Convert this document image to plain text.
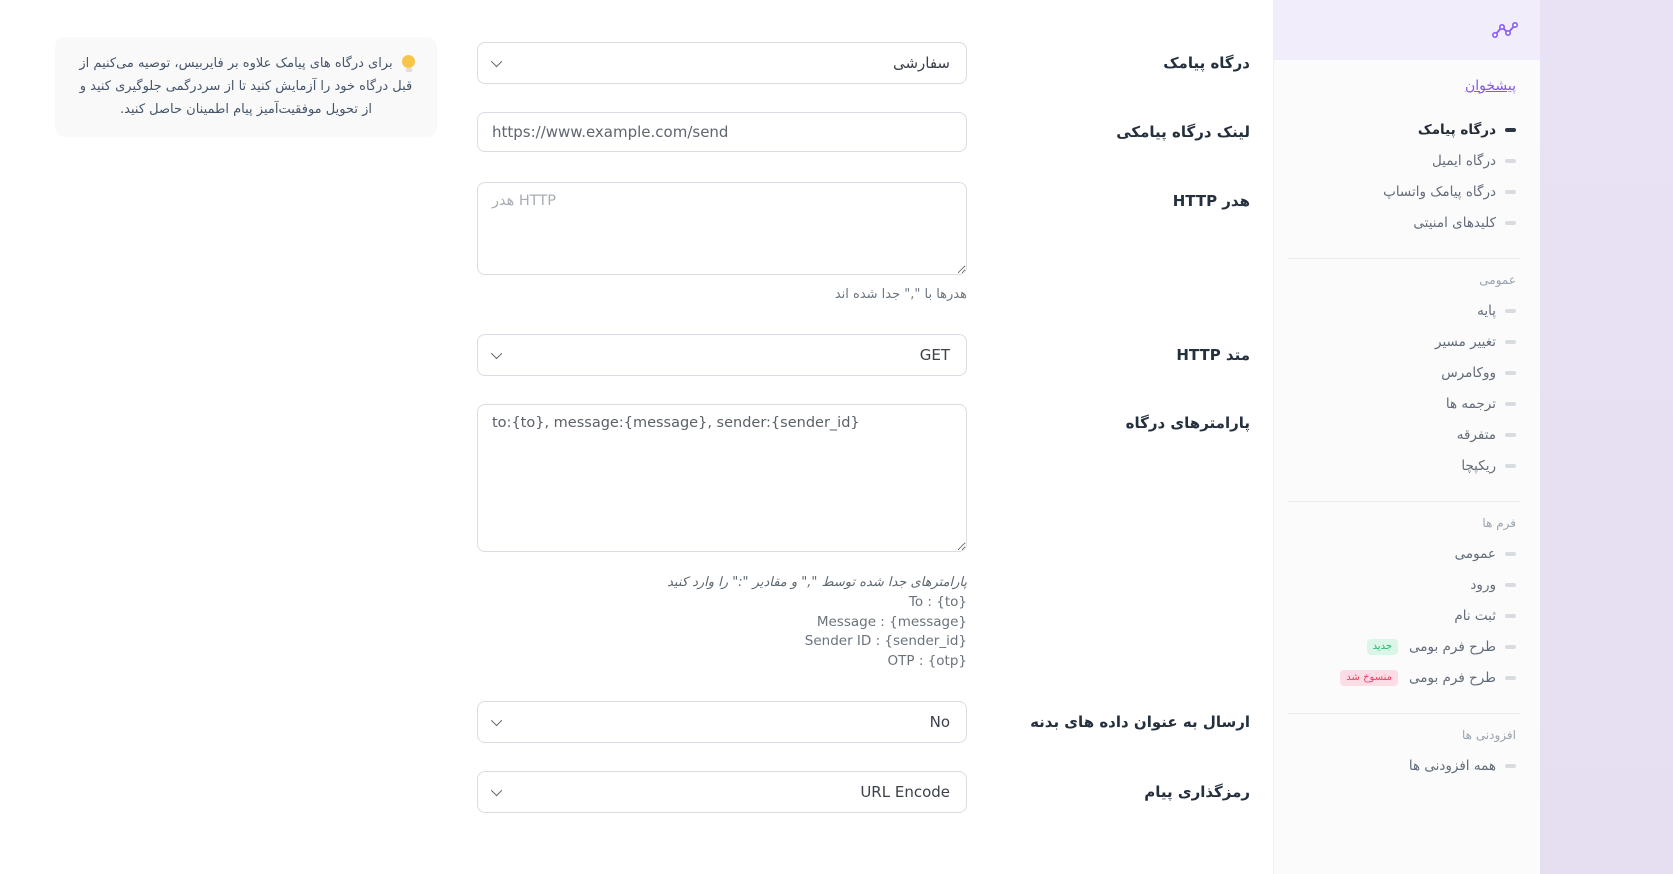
برای درگاه های پیامک علاوه بر فایربیس، توصیه می‌کنیم از قبل درگاه خود را آزمایش کنید تا از سردرگمی جلوگیری کنید و از تحویل موفقیت‌آمیز پیام اطمینان حاصل کنید.

درگاه پیامک
سفارشی
لینک درگاه پیامکی
https://www.example.com/send
هدر HTTP
هدر HTTP
هدرها با "," جدا شده اند
متد HTTP
GET
پارامترهای درگاه
to:{to}, message:{message}, sender:{sender_id}
پارامترهای جدا شده توسط "," و مقادیر ":" را وارد کنید
To : {to}
Message : {message}
Sender ID : {sender_id}
OTP : {otp}
ارسال به عنوان داده های بدنه
No
رمزگذاری پیام
URL Encode
پیشخوان
درگاه پیامک
درگاه ایمیل
درگاه پیامک واتساپ
کلیدهای امنیتی
عمومی
پایه
تغییر مسیر
ووکامرس
ترجمه ها
متفرقه
ریکپچا
فرم ها
عمومی
ورود
ثبت نام
طرح فرم بومی
جدید
طرح فرم بومی
منسوخ شد
افزودنی ها
همه افزودنی ها
